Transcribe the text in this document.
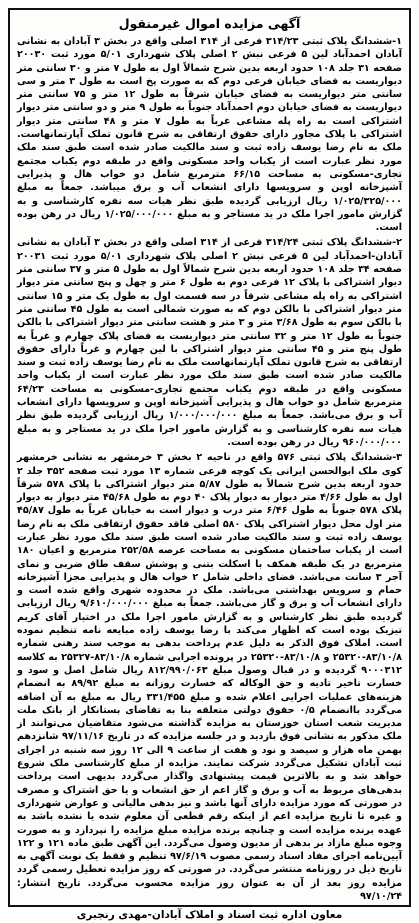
آگهی مزایده اموال غیرمنقول
۱-ششدانگ پلاک ثبتی ۳۱۴/۲۳ فرعی از ۳۱۴ اصلی واقع در بخش ۳ آبادان به نشانی آبادان احمدآباد لین ۵ فرعی نبش ۲ اصلی پلاک شهرداری ۵/۰۱ مورد ثبت ۲۰۰۳۰ صفحه ۳۱ جلد ۱۰۸ حدود اربعه بدین شرح شمالاً اول به طول ۷ متر و ۳۰ سانتی متر دیواریست به فضای خیابان فرعی دوم که به صورت پخ است به طول ۳ متر و سی سانتی متر دیواریست به فضای خیابان شرقاً به طول ۱۲ متر و ۷۵ سانتی متر دیواریست به فضای خیابان دوم احمدآباد جنوباً به طول ۹ متر و دو سانتی متر دیوار اشتراکی است به راه پله مشاعی غرباً به طول ۷ متر و ۴۸ سانتی متر دیوار اشتراکی با پلاک مجاور دارای حقوق ارتفاقی به شرح قانون تملک آپارتمانهاست. ملک به نام رضا یوسف زاده ثبت و سند مالکیت صادر شده است طبق سند ملک مورد نظر عبارت است از یکباب واحد مسکونی واقع در طبقه دوم یکباب مجتمع تجاری-مسکونی به مساحت ۶۶/۱۵ مترمربع شامل دو خواب هال و پذیرایی آشپزخانه اوپن و سرویسها دارای انشعاب آب و برق میباشد. جمعاً به مبلغ ۱/۰۲۵/۳۲۵/۰۰۰ ریال ارزیابی گردیده طبق نظر هیات سه نفره کارشناسی و به گزارش مامور اجرا ملک در ید مستاجر و به مبلغ ۱/۰۲۵/۰۰۰/۰۰۰ ریال در رهن بوده است.
۲-ششدانگ پلاک ثبتی ۳۱۴/۲۴ فرعی از ۳۱۴ اصلی واقع در بخش ۳ آبادان به نشانی آبادان-احمدآباد لین ۵ فرعی نبش ۲ اصلی پلاک شهرداری ۵/۰۱ مورد ثبت ۲۰۰۳۱ صفحه ۳۴ جلد ۱۰۸ حدود اربعه بدین شرح شمالاً اول به طول ۵ متر و ۳۷ سانتی متر دیوار اشتراکی با پلاک ۱۲ فرعی دوم به طول ۶ متر و چهل و پنج سانتی متر دیوار اشتراکی به راه پله مشاعی شرقاً در سه قسمت اول به طول یک متر و ۱۵ سانتی متر دیوار اشتراکی با بالکن دوم که به صورت شمالی است به طول ۴۵ سانتی متر با بالکن سوم به طول ۳/۶۸ متر و ۳ متر و هشت سانتی متر دیوار اشتراکی با بالکن جنوباً به طول ۱۲ متر و ۳۲ سانتی متر دیواریست به فضای پلاک چهارم و غرباً به طول پنج متر و ۴۵ سانتی متر دیوار اشتراکی با لین چهارم و غرباً دارای حقوق ارتفاقی به شرح قانون تملک آپارتمانهاست ملک به نام رضا یوسف زاده ثبت و سند مالکیت صادر شده است طبق سند ملک مورد نظر عبارت است از یکباب واحد مسکونی واقع در طبقه دوم یکباب مجتمع تجاری-مسکونی به مساحت ۶۴/۲۳ مترمربع شامل دو خواب هال و پذیرایی آشپزخانه اوپن و سرویسها دارای انشعاب آب و برق می‌باشد. جمعاً به مبلغ ۱/۰۰۰/۰۰۰/۰۰۰ ریال ارزیابی گردیده طبق نظر هیات سه نفره کارشناسی و به گزارش مامور اجرا ملک در ید مستاجر و به مبلغ ۹۶۰/۰۰۰/۰۰۰ ریال در رهن بوده است.
۳-ششدانگ پلاک ثبتی ۵۷۶ واقع در ناحیه ۲ بخش ۳ خرمشهر به نشانی خرمشهر کوی ملک ابوالحسن ایرانی یک کوچه فرعی شماره ۱۳ مورد ثبت صفحه ۳۵۲ جلد ۲ حدود اربعه بدین شرح شمالاً به طول ۵/۸۷ متر دیوار اشتراکی با پلاک ۵۷۸ شرقاً اول به طول ۴/۶۶ متر دیوار به دیوار پلاک ۴۰ دوم به طول ۴۵/۶۸ متر دیوار به دیوار پلاک ۵۷۸ جنوباً به طول ۶/۴۶ متر درب و دیوار است به خیابان غرباً به طول ۴۵/۸۷ متر اول محل دیوار اشتراکی پلاک ۵۸۰ اصلی فاقد حقوق ارتفاقی ملک به نام رضا یوسف زاده ثبت و سند مالکیت صادر شده است طبق سند ملک مورد نظر عبارت است از یکباب ساختمان مسکونی به مساحت عرصه ۲۵۲/۵۸ مترمربع و اعیان ۱۸۰ مترمربع در یک طبقه همکف با اسکلت بتنی و پوشش سقف طاق ضربی و نمای آجر ۳ سانت می‌باشد. فضای داخلی شامل ۲ خواب هال و پذیرایی مجزا آشپزخانه حمام و سرویس بهداشتی می‌باشد. ملک در محدوده شهری واقع شده است و دارای انشعاب آب و برق و گاز می‌باشد. جمعاً به مبلغ ۹/۶۱۰/۰۰۰/۰۰۰ ریال ارزیابی گردیده طبق نظر کارشناس و به گزارش مامور اجرا ملک در اختیار آقای کریم تیزیک بوده است که اظهار می‌کند با رضا یوسف زاده مبایعه نامه تنظیم نموده است. املاک فوق الذکر به دلیل عدم پرداخت بدهی به موجب سند رهنی شماره ۸۳/۱۰/۸-۲۵۳۲۰ و ۸۳/۱۰/۸-۲۵۳۲۰ در پرونده اجرایی شماره ۸۳/۱۰/۸-۲۵۳۲۷ به کلاسه ۹۰۰۰۳۱۲ گردیده و در قبال وصول مبلغ ۸۱۲/۹۹۰/۰۶۳ ریال شامل اصل و سود و خسارت تاخیر تادیه و حق الوکاله که خسارت روزانه به مبلغ ۸۹/۹۲ به انضمام هزینه‌های عملیات اجرایی اعلام شده و مبلغ ۳۳۱/۴۵۵ ریال به مبلغ به آن اضافه می‌گردد باانضمام ۰/۵ حقوق دولتی متعلقه بنا به تقاضای بستانکار از بانک ملت مدیریت شعب استان خوزستان به مزایده گذاشته می‌شود متقاضیان می‌توانند از ملک مذکور به نشانی فوق بازدید و در جلسه مزایده که در تاریخ ۹۷/۱۱/۱۶ شانزدهم بهمن ماه هزار و سیصد و نود و هفت از ساعت ۹ الی ۱۲ روز سه شنبه در اجرای ثبت آبادان تشکیل می‌گردد شرکت نمایند. مزایده از مبلغ کارشناسی ملک شروع خواهد شد و به بالاترین قیمت پیشنهادی واگذار می‌گردد بدیهی است پرداخت بدهی‌های مربوط به آب و برق و گاز اعم از حق انشعاب و یا حق اشتراک و مصرف در صورتی که مورد مزایده دارای آنها باشد و نیز بدهی مالیاتی و عوارض شهرداری و غیره تا تاریخ مزایده اعم از اینکه رقم قطعی آن معلوم شده یا نشده باشد به عهده برنده مزایده است و چنانچه برنده مزایده مبلغ مزایده را نپردازد و به صورت وجوه مبلغ مازاد بر بدهی از مدیون وصول می‌گردد. این آگهی طبق ماده ۱۲۱ و ۱۲۲ آیین‌نامه اجرای مفاد اسناد رسمی مصوب ۹۷/۶/۱۹ تنظیم و فقط یک نوبت آگهی به تاریخ ذیل در روزنامه منتشر می‌گردد. در صورتی که روز مزایده تعطیل رسمی گردد مزایده روز بعد از آن به عنوان روز مزایده محسوب می‌گردد. تاریخ انتشار: ۹۷/۱۰/۲۴
معاون اداره ثبت اسناد و املاک آبادان-مهدی رنجبری
